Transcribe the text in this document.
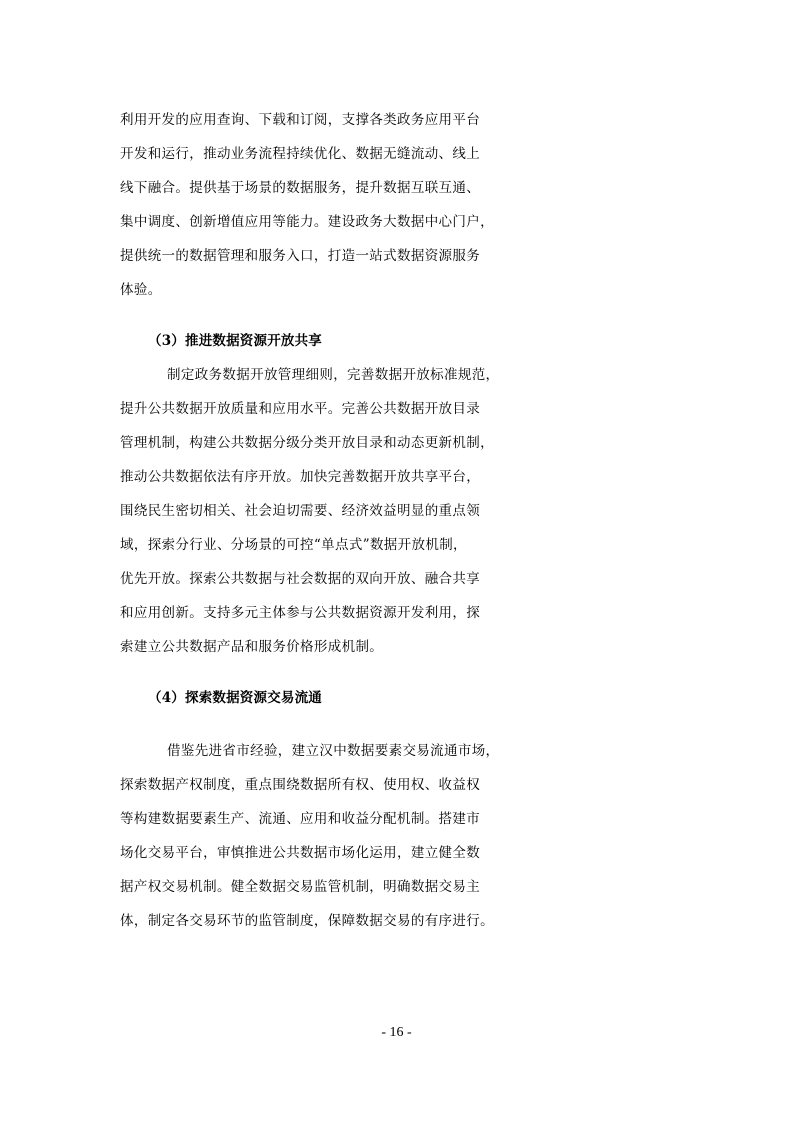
利用开发的应用查询、下载和订阅，支撑各类政务应用平台
开发和运行，推动业务流程持续优化、数据无缝流动、线上
线下融合。提供基于场景的数据服务，提升数据互联互通、
集中调度、创新增值应用等能力。建设政务大数据中心门户，
提供统一的数据管理和服务入口，打造一站式数据资源服务
体验。
（3）推进数据资源开放共享
制定政务数据开放管理细则，完善数据开放标准规范，
提升公共数据开放质量和应用水平。完善公共数据开放目录
管理机制，构建公共数据分级分类开放目录和动态更新机制，
推动公共数据依法有序开放。加快完善数据开放共享平台，
围绕民生密切相关、社会迫切需要、经济效益明显的重点领
域，探索分行业、分场景的可控“单点式”数据开放机制，
优先开放。探索公共数据与社会数据的双向开放、融合共享
和应用创新。支持多元主体参与公共数据资源开发利用，探
索建立公共数据产品和服务价格形成机制。
（4）探索数据资源交易流通
借鉴先进省市经验，建立汉中数据要素交易流通市场，
探索数据产权制度，重点围绕数据所有权、使用权、收益权
等构建数据要素生产、流通、应用和收益分配机制。搭建市
场化交易平台，审慎推进公共数据市场化运用，建立健全数
据产权交易机制。健全数据交易监管机制，明确数据交易主
体，制定各交易环节的监管制度，保障数据交易的有序进行。
- 16 -
